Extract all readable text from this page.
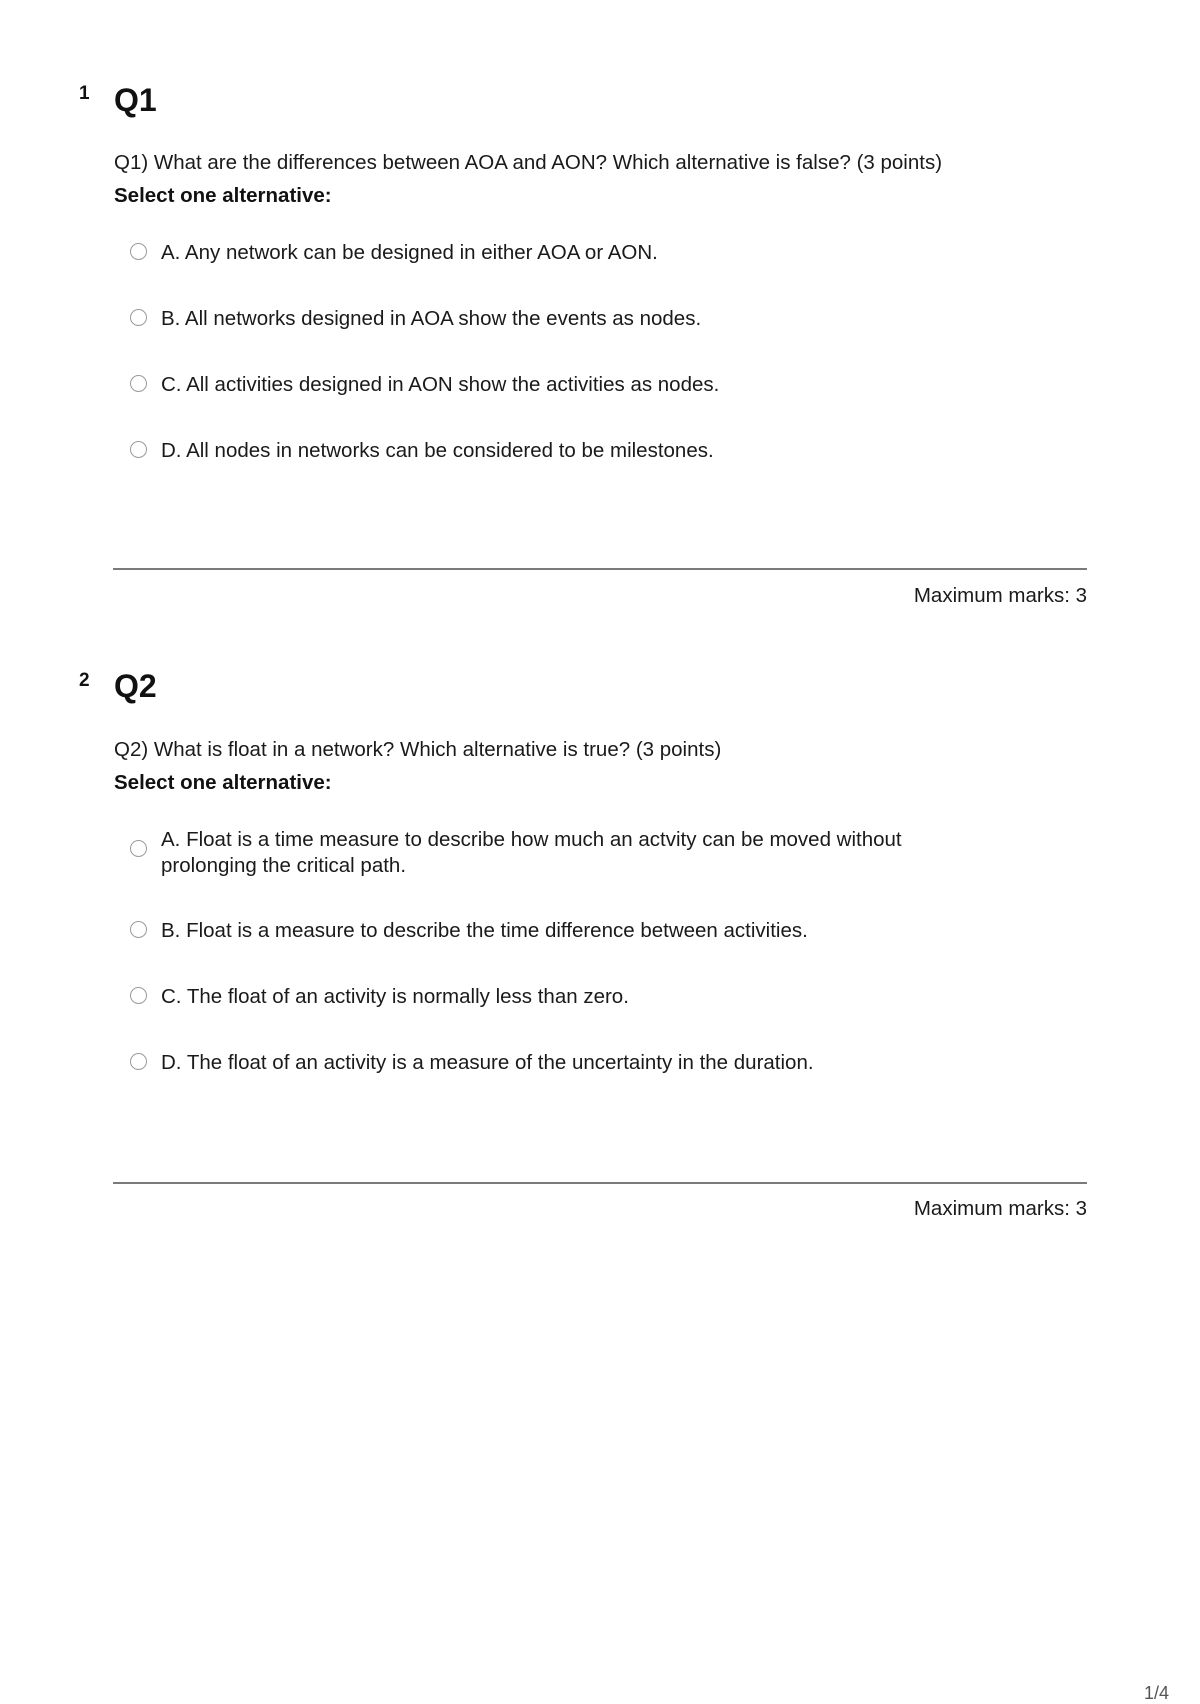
1 Q1
Q1) What are the differences between AOA and AON? Which alternative is false? (3 points)
Select one alternative:
A. Any network can be designed in either AOA or AON.
B. All networks designed in AOA show the events as nodes.
C. All activities designed in AON show the activities as nodes.
D. All nodes in networks can be considered to be milestones.
Maximum marks: 3
2 Q2
Q2) What is float in a network? Which alternative is true? (3 points)
Select one alternative:
A. Float is a time measure to describe how much an actvity can be moved without prolonging the critical path.
B. Float is a measure to describe the time difference between activities.
C. The float of an activity is normally less than zero.
D. The float of an activity is a measure of the uncertainty in the duration.
Maximum marks: 3
1/4
